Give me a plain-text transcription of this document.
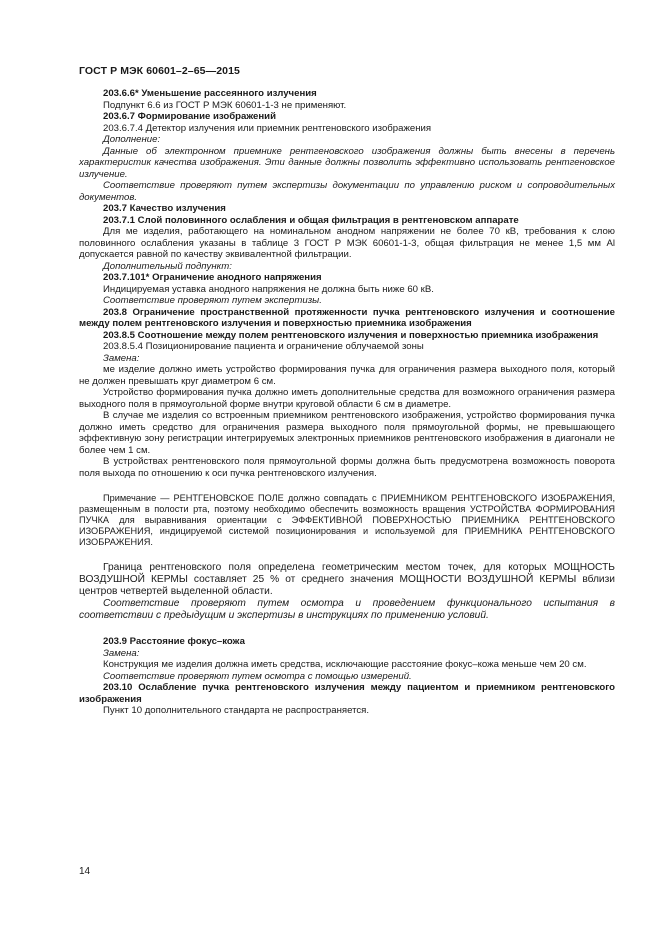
ГОСТ Р МЭК 60601–2–65—2015

203.6.6* Уменьшение рассеянного излучения

Подпункт 6.6 из ГОСТ Р МЭК 60601-1-3 не применяют.

203.6.7 Формирование изображений

203.6.7.4 Детектор излучения или приемник рентгеновского изображения

Дополнение:

Данные об электронном приемнике рентгеновского изображения должны быть внесены в перечень характеристик качества изображения. Эти данные должны позволить эффективно использовать рентгеновское излучение.

Соответствие проверяют путем экспертизы документации по управлению риском и сопроводительных документов.

203.7 Качество излучения

203.7.1 Слой половинного ослабления и общая фильтрация в рентгеновском аппарате

Для ме изделия, работающего на номинальном анодном напряжении не более 70 кВ, требования к слою половинного ослабления указаны в таблице 3 ГОСТ Р МЭК 60601-1-3, общая фильтрация не менее 1,5 мм Al допускается равной по качеству эквивалентной фильтрации.

Дополнительный подпункт:

203.7.101* Ограничение анодного напряжения

Индицируемая уставка анодного напряжения не должна быть ниже 60 кВ.

Соответствие проверяют путем экспертизы.

203.8 Ограничение пространственной протяженности пучка рентгеновского излучения и соотношение между полем рентгеновского излучения и поверхностью приемника изображения

203.8.5 Соотношение между полем рентгеновского излучения и поверхностью приемника изображения

203.8.5.4 Позиционирование пациента и ограничение облучаемой зоны

Замена:

ме изделие должно иметь устройство формирования пучка для ограничения размера выходного поля, который не должен превышать круг диаметром 6 см.

Устройство формирования пучка должно иметь дополнительные средства для возможного ограничения размера выходного поля в прямоугольной форме внутри круговой области 6 см в диаметре.

В случае ме изделия со встроенным приемником рентгеновского изображения, устройство формирования пучка должно иметь средство для ограничения размера выходного поля прямоугольной формы, не превышающего эффективную зону регистрации интегрируемых электронных приемников рентгеновского изображения в диагонали не более чем 1 см.

В устройствах рентгеновского поля прямоугольной формы должна быть предусмотрена возможность поворота поля выхода по отношению к оси пучка рентгеновского излучения.

Примечание — РЕНТГЕНОВСКОЕ ПОЛЕ должно совпадать с ПРИЕМНИКОМ РЕНТГЕНОВСКОГО ИЗОБРАЖЕНИЯ, размещенным в полости рта, поэтому необходимо обеспечить возможность вращения УСТРОЙСТВА ФОРМИРОВАНИЯ ПУЧКА для выравнивания ориентации с ЭФФЕКТИВНОЙ ПОВЕРХНОСТЬЮ ПРИЕМНИКА РЕНТГЕНОВСКОГО ИЗОБРАЖЕНИЯ, индицируемой системой позиционирования и используемой для ПРИЕМНИКА РЕНТГЕНОВСКОГО ИЗОБРАЖЕНИЯ.

Граница рентгеновского поля определена геометрическим местом точек, для которых МОЩНОСТЬ ВОЗДУШНОЙ КЕРМЫ составляет 25 % от среднего значения МОЩНОСТИ ВОЗДУШНОЙ КЕРМЫ вблизи центров четвертей выделенной области.

Соответствие проверяют путем осмотра и проведением функционального испытания в соответствии с предыдущим и экспертизы в инструкциях по применению условий.

203.9 Расстояние фокус–кожа

Замена:

Конструкция ме изделия должна иметь средства, исключающие расстояние фокус–кожа меньше чем 20 см.

Соответствие проверяют путем осмотра с помощью измерений.

203.10 Ослабление пучка рентгеновского излучения между пациентом и приемником рентгеновского изображения

Пункт 10 дополнительного стандарта не распространяется.

14
